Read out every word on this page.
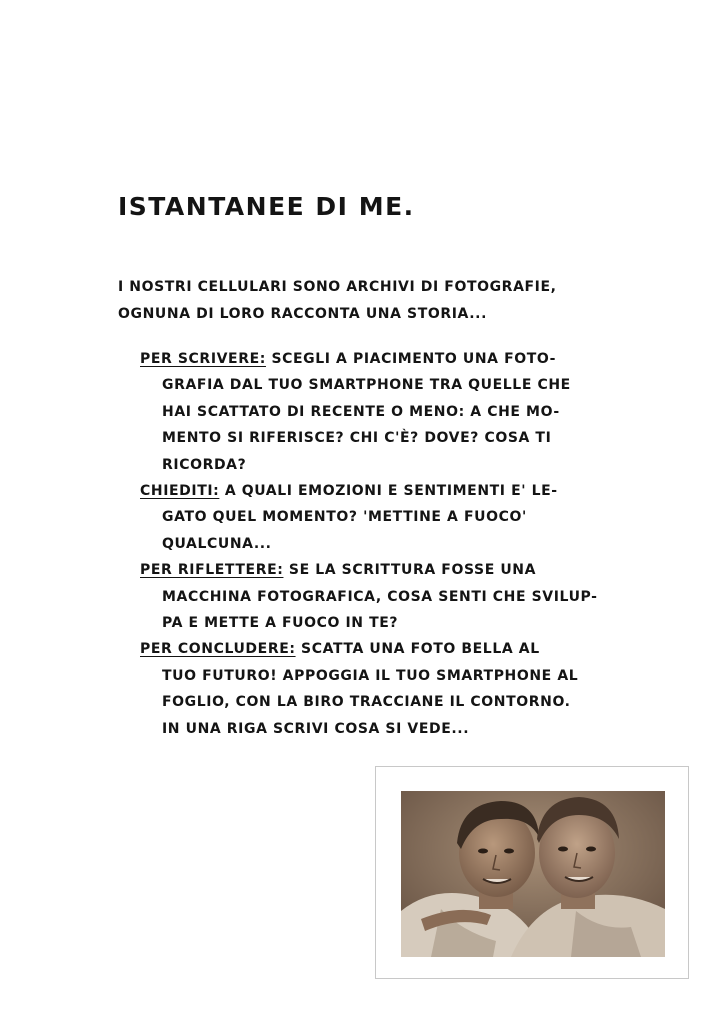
ISTANTANEE DI ME.
I NOSTRI CELLULARI SONO ARCHIVI DI FOTOGRAFIE,
OGNUNA DI LORO RACCONTA UNA STORIA...
PER SCRIVERE: SCEGLI A PIACIMENTO UNA FOTO-
GRAFIA DAL TUO SMARTPHONE TRA QUELLE CHE
HAI SCATTATO DI RECENTE O MENO: A CHE MO-
MENTO SI RIFERISCE? CHI C'È? DOVE? COSA TI
RICORDA?
CHIEDITI: A QUALI EMOZIONI E SENTIMENTI E' LE-
GATO QUEL MOMENTO? 'METTINE A FUOCO'
QUALCUNA...
PER RIFLETTERE: SE LA SCRITTURA FOSSE UNA
MACCHINA FOTOGRAFICA, COSA SENTI CHE SVILUP-
PA E METTE A FUOCO IN TE?
PER CONCLUDERE: SCATTA UNA FOTO BELLA AL
TUO FUTURO! APPOGGIA IL TUO SMARTPHONE AL
FOGLIO, CON LA BIRO TRACCIANE IL CONTORNO.
IN UNA RIGA SCRIVI COSA SI VEDE...
